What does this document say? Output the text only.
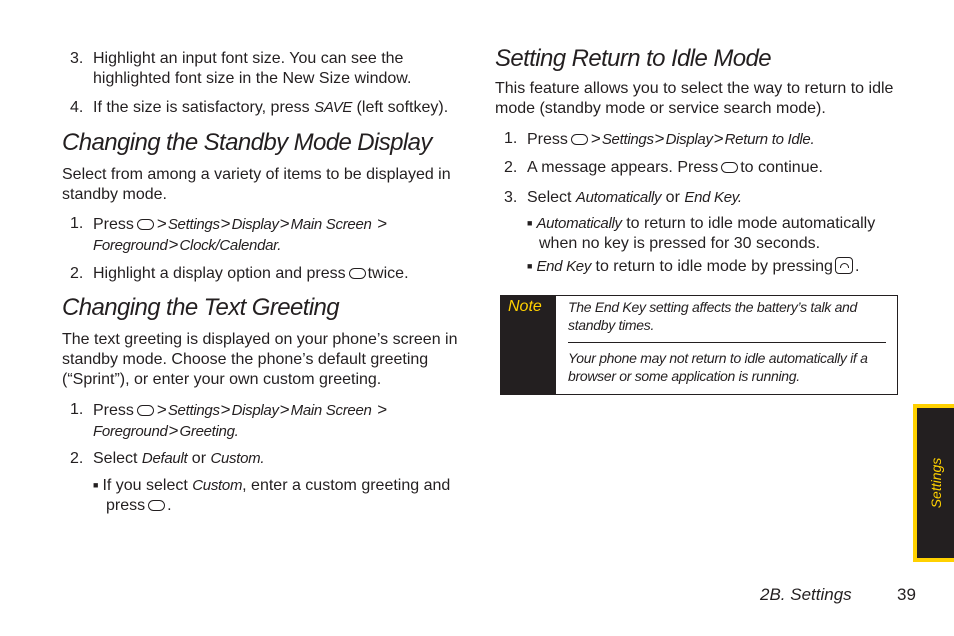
3. Highlight an input font size. You can see the
highlighted font size in the New Size window.
4. If the size is satisfactory, press SAVE (left softkey).
Changing the Standby Mode Display
Select from among a variety of items to be displayed in
standby mode.
1. Press >Settings>Display>Main Screen >
Foreground>Clock/Calendar.
2. Highlight a display option and press twice.
Changing the Text Greeting
The text greeting is displayed on your phone’s screen in
standby mode. Choose the phone’s default greeting
(“Sprint”), or enter your own custom greeting.
1. Press >Settings>Display>Main Screen >
Foreground>Greeting.
2. Select Default or Custom.
■ If you select Custom, enter a custom greeting and
press .
Setting Return to Idle Mode
This feature allows you to select the way to return to idle
mode (standby mode or service search mode).
1. Press >Settings>Display>Return to Idle.
2. A message appears. Press to continue.
3. Select Automatically or End Key.
■ Automatically to return to idle mode automatically
when no key is pressed for 30 seconds.
■ End Key to return to idle mode by pressing .
Note The End Key setting affects the battery’s talk and
standby times.
Your phone may not return to idle automatically if a
browser or some application is running.
Settings
2B. Settings	39
